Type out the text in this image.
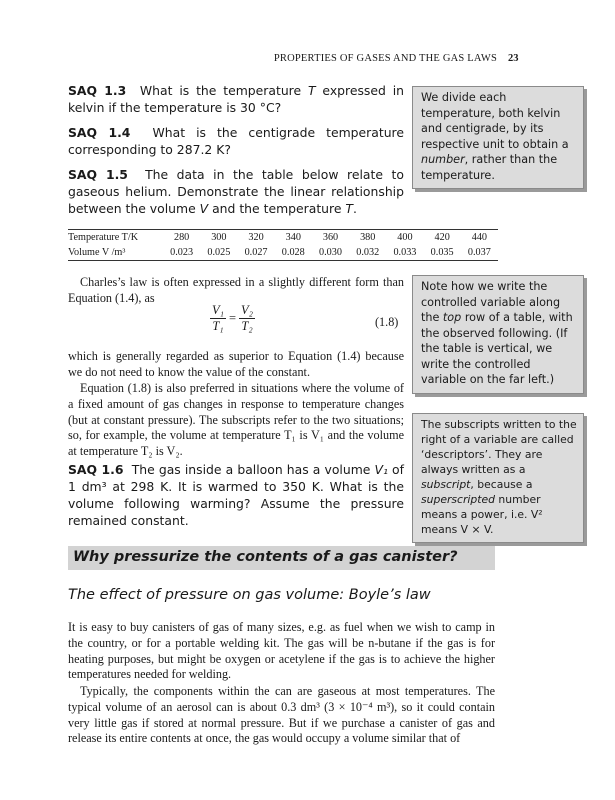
PROPERTIES OF GASES AND THE GAS LAWS 23
SAQ 1.3 What is the temperature T expressed in kelvin if the temperature is 30 °C?
SAQ 1.4 What is the centigrade temperature corresponding to 287.2 K?
SAQ 1.5 The data in the table below relate to gaseous helium. Demonstrate the linear relationship between the volume V and the temperature T.
We divide each temperature, both kelvin and centigrade, by its respective unit to obtain a number, rather than the temperature.
Temperature T/K	280	300	320	340	360	380	400	420	440
Volume V /m³	0.023	0.025	0.027	0.028	0.030	0.032	0.033	0.035	0.037
Charles’s law is often expressed in a slightly different form than Equation (1.4), as
$\frac{\text{V₁}}{\text{T₁}} = \frac{\text{V₂}}{\text{T₂}}$	(1.8)
which is generally regarded as superior to Equation (1.4) because we do not need to know the value of the constant.
Equation (1.8) is also preferred in situations where the volume of a fixed amount of gas changes in response to temperature changes (but at constant pressure). The subscripts refer to the two situations; so, for example, the volume at temperature T₁ is V₁ and the volume at temperature T₂ is V₂.
Note how we write the controlled variable along the top row of a table, with the observed following. (If the table is vertical, we write the controlled variable on the far left.)
The subscripts written to the right of a variable are called ‘descriptors’. They are always written as a subscript, because a superscripted number means a power, i.e. V² means V × V.
SAQ 1.6 The gas inside a balloon has a volume V₁ of 1 dm³ at 298 K. It is warmed to 350 K. What is the volume following warming? Assume the pressure remained constant.
Why pressurize the contents of a gas canister?
The effect of pressure on gas volume: Boyle’s law
It is easy to buy canisters of gas of many sizes, e.g. as fuel when we wish to camp in the country, or for a portable welding kit. The gas will be n-butane if the gas is for heating purposes, but might be oxygen or acetylene if the gas is to achieve the higher temperatures needed for welding.
Typically, the components within the can are gaseous at most temperatures. The typical volume of an aerosol can is about 0.3 dm³ (3 × 10⁻⁴ m³), so it could contain very little gas if stored at normal pressure. But if we purchase a canister of gas and release its entire contents at once, the gas would occupy a volume similar that of
